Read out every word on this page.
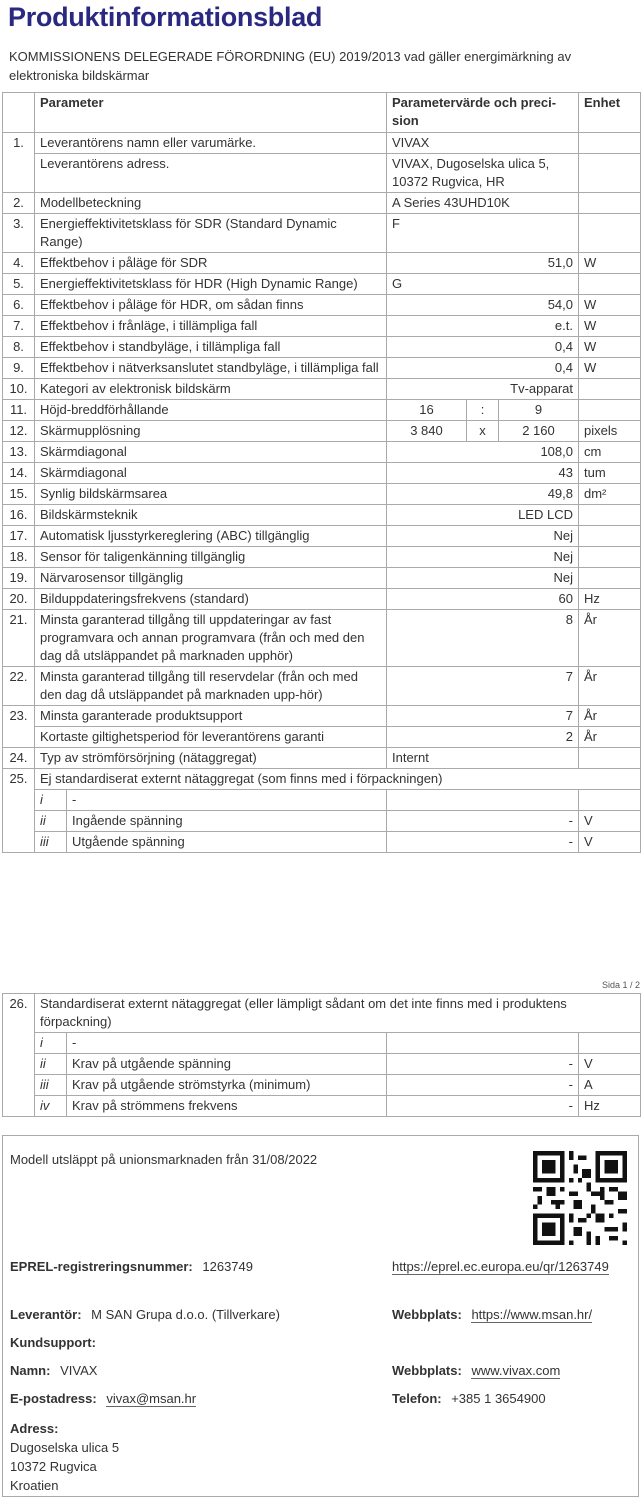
Produktinformationsblad
KOMMISSIONENS DELEGERADE FÖRORDNING (EU) 2019/2013 vad gäller energimärkning av elektroniska bildskärmar
	Parameter		Parametervärde och preci-sion			Enhet
1.	Leverantörens namn eller varumärke.		VIVAX			
	Leverantörens adress.		VIVAX, Dugoselska ulica 5, 10372 Rugvica, HR			
2.	Modellbeteckning		A Series 43UHD10K			
3.	Energieffektivitetsklass för SDR (Standard Dynamic Range)		F			
4.	Effektbehov i påläge för SDR		51,0			W
5.	Energieffektivitetsklass för HDR (High Dynamic Range)		G			
6.	Effektbehov i påläge för HDR, om sådan finns		54,0			W
7.	Effektbehov i frånläge, i tillämpliga fall		e.t.			W
8.	Effektbehov i standbyläge, i tillämpliga fall		0,4			W
9.	Effektbehov i nätverksanslutet standbyläge, i tillämpliga fall		0,4			W
10.	Kategori av elektronisk bildskärm		Tv-apparat			
11.	Höjd-breddförhållande		16	:	9	
12.	Skärmupplösning		3 840	x	2 160	pixels
13.	Skärmdiagonal		108,0			cm
14.	Skärmdiagonal		43			tum
15.	Synlig bildskärmsarea		49,8			dm²
16.	Bildskärmsteknik		LED LCD			
17.	Automatisk ljusstyrkereglering (ABC) tillgänglig		Nej			
18.	Sensor för taligenkänning tillgänglig		Nej			
19.	Närvarosensor tillgänglig		Nej			
20.	Bilduppdateringsfrekvens (standard)		60			Hz
21.	Minsta garanterad tillgång till uppdateringar av fast programvara och annan programvara (från och med den dag då utsläppandet på marknaden upphör)		8			År
22.	Minsta garanterad tillgång till reservdelar (från och med den dag då utsläppandet på marknaden upp-hör)		7			År
23.	Minsta garanterade produktsupport		7			År
	Kortaste giltighetsperiod för leverantörens garanti		2			År
24.	Typ av strömförsörjning (nätaggregat)		Internt			
25.	Ej standardiserat externt nätaggregat (som finns med i förpackningen)					
	i	-				
	ii	Ingående spänning	-			V
	iii	Utgående spänning	-			V
Sida 1 / 2
26.	Standardiserat externt nätaggregat (eller lämpligt sådant om det inte finns med i produktens förpackning)			
	i	-		
	ii	Krav på utgående spänning	-	V
	iii	Krav på utgående strömstyrka (minimum)	-	A
	iv	Krav på strömmens frekvens	-	Hz
Modell utsläppt på unionsmarknaden från 31/08/2022
EPREL-registreringsnummer: 1263749	https://eprel.ec.europa.eu/qr/1263749
Leverantör: M SAN Grupa d.o.o. (Tillverkare)	Webbplats: https://www.msan.hr/
Kundsupport:
Namn: VIVAX	Webbplats: www.vivax.com
E-postadress: vivax@msan.hr	Telefon: +385 1 3654900
Adress:
Dugoselska ulica 5
10372 Rugvica
Kroatien
